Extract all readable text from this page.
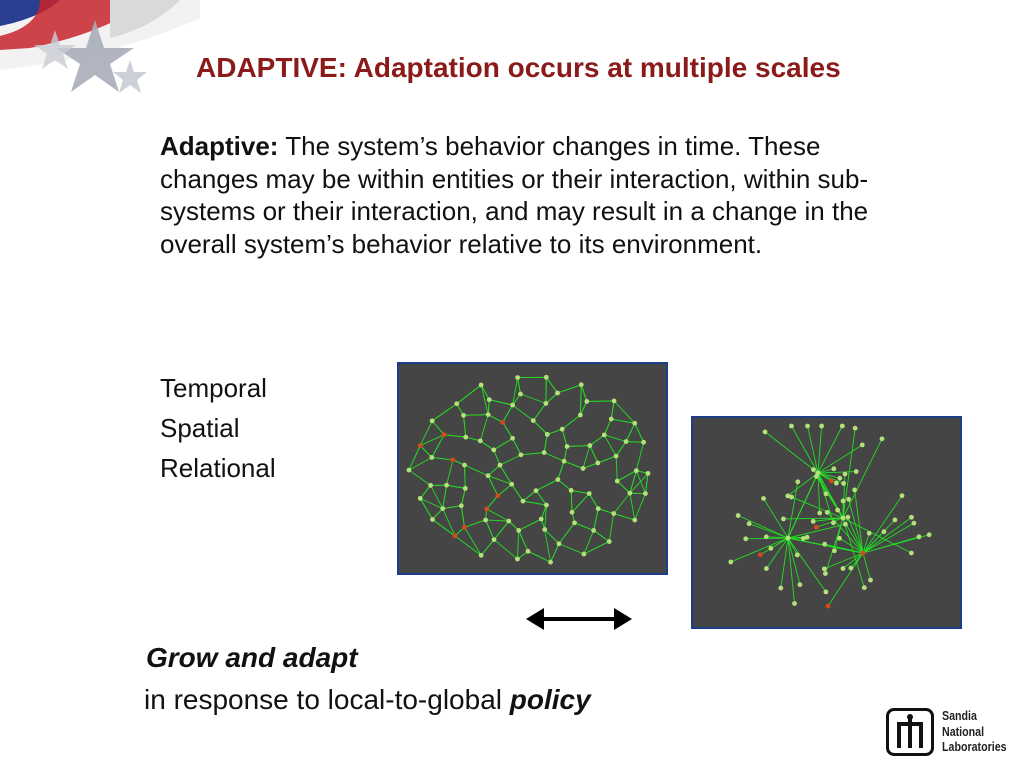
ADAPTIVE: Adaptation occurs at multiple scales
Adaptive: The system’s behavior changes in time. These changes may be within entities or their interaction, within sub-systems or their interaction, and may result in a change in the overall system’s behavior relative to its environment.
Temporal
Spatial
Relational
Grow and adapt
in response to local-to-global policy
Sandia
National
Laboratories
